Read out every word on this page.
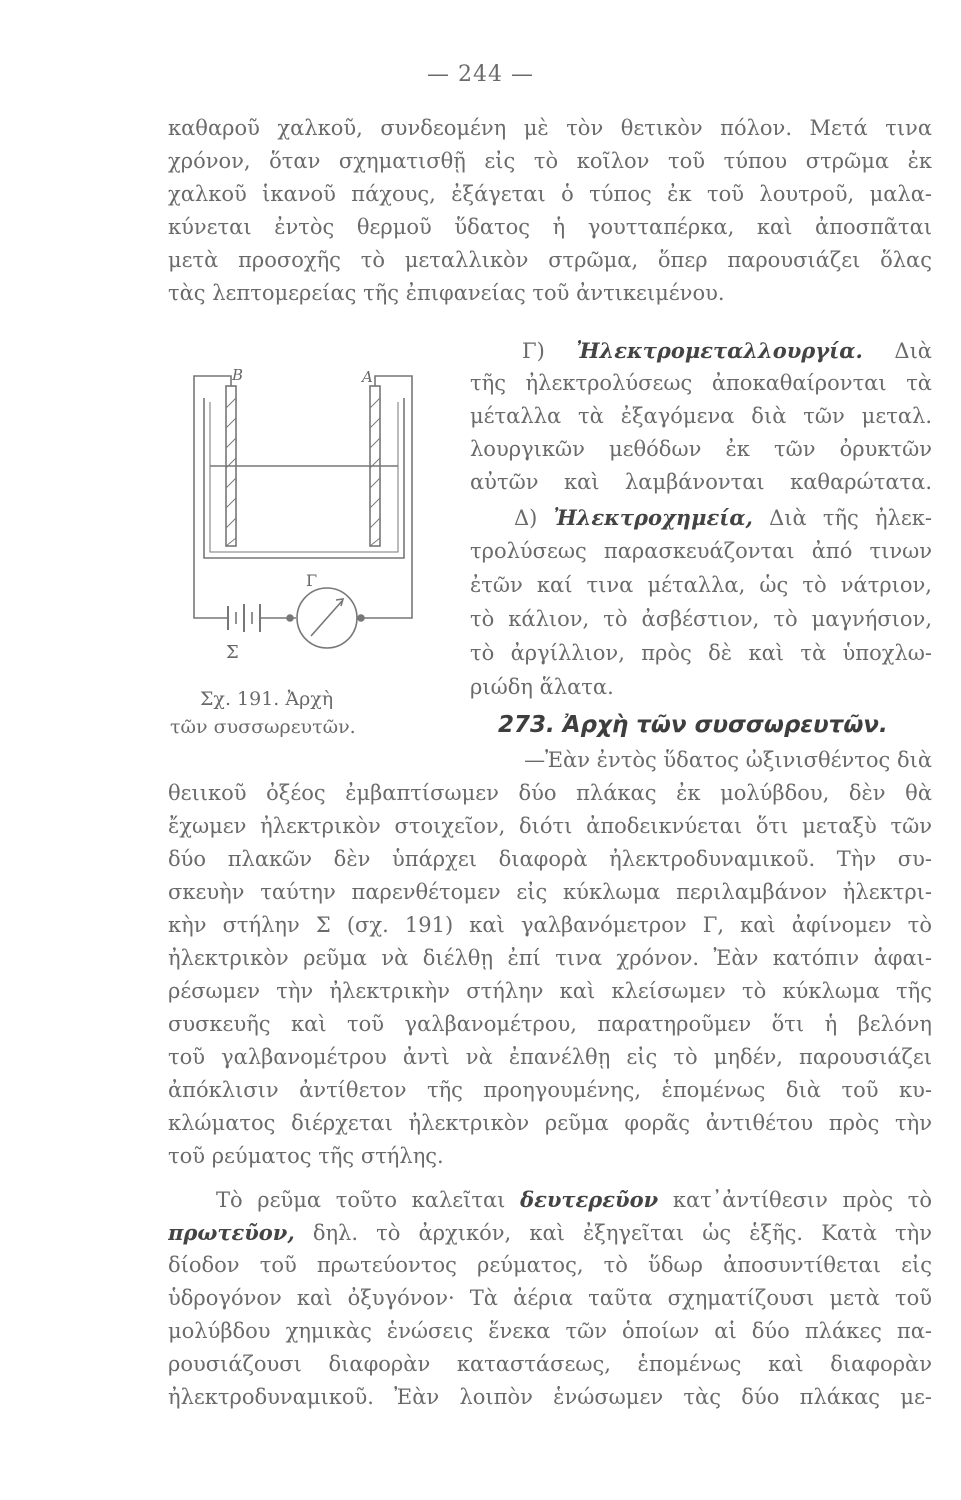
— 244 —
καθαροῦ χαλκοῦ, συνδεομένη μὲ τὸν θετικὸν πόλον. Μετά τινα
χρόνον, ὅταν σχηματισθῇ εἰς τὸ κοῖλον τοῦ τύπου στρῶμα ἐκ
χαλκοῦ ἱκανοῦ πάχους, ἐξάγεται ὁ τύπος ἐκ τοῦ λουτροῦ, μαλα-
κύνεται ἐντὸς θερμοῦ ὕδατος ἡ γουτταπέρκα, καὶ ἀποσπᾶται
μετὰ προσοχῆς τὸ μεταλλικὸν στρῶμα, ὅπερ παρουσιάζει ὅλας
τὰς λεπτομερείας τῆς ἐπιφανείας τοῦ ἀντικειμένου.
Γ) Ἠλεκτρομεταλλουργία. Διὰ
τῆς ἠλεκτρολύσεως ἀποκαθαίρονται τὰ
μέταλλα τὰ ἐξαγόμενα διὰ τῶν μεταλ.
λουργικῶν μεθόδων ἐκ τῶν ὀρυκτῶν
αὐτῶν καὶ λαμβάνονται καθαρώτατα.
Δ) Ἠλεκτροχημεία, Διὰ τῆς ἠλεκ-
τρολύσεως παρασκευάζονται ἀπό τινων
ἐτῶν καί τινα μέταλλα, ὡς τὸ νάτριον,
τὸ κάλιον, τὸ ἀσβέστιον, τὸ μαγνήσιον,
τὸ ἀργίλλιον, πρὸς δὲ καὶ τὰ ὑποχλω-
ριώδη ἅλατα.
B	A
Γ
Σ
Σχ. 191. Ἀρχὴ
τῶν συσσωρευτῶν.	273. Ἀρχὴ τῶν συσσωρευτῶν.
—Ἐὰν ἐντὸς ὕδατος ὠξινισθέντος διὰ
θειικοῦ ὀξέος ἐμβαπτίσωμεν δύο πλάκας ἐκ μολύβδου, δὲν θὰ
ἔχωμεν ἠλεκτρικὸν στοιχεῖον, διότι ἀποδεικνύεται ὅτι μεταξὺ τῶν
δύο πλακῶν δὲν ὑπάρχει διαφορὰ ἠλεκτροδυναμικοῦ. Τὴν συ-
σκευὴν ταύτην παρενθέτομεν εἰς κύκλωμα περιλαμβάνον ἠλεκτρι-
κὴν στήλην Σ (σχ. 191) καὶ γαλβανόμετρον Γ, καὶ ἀφίνομεν τὸ
ἠλεκτρικὸν ρεῦμα νὰ διέλθῃ ἐπί τινα χρόνον. Ἐὰν κατόπιν ἀφαι-
ρέσωμεν τὴν ἠλεκτρικὴν στήλην καὶ κλείσωμεν τὸ κύκλωμα τῆς
συσκευῆς καὶ τοῦ γαλβανομέτρου, παρατηροῦμεν ὅτι ἡ βελόνη
τοῦ γαλβανομέτρου ἀντὶ νὰ ἐπανέλθῃ εἰς τὸ μηδέν, παρουσιάζει
ἀπόκλισιν ἀντίθετον τῆς προηγουμένης, ἑπομένως διὰ τοῦ κυ-
κλώματος διέρχεται ἠλεκτρικὸν ρεῦμα φορᾶς ἀντιθέτου πρὸς τὴν
τοῦ ρεύματος τῆς στήλης.
Τὸ ρεῦμα τοῦτο καλεῖται δευτερεῦον κατ᾽ἀντίθεσιν πρὸς τὸ
πρωτεῦον, δηλ. τὸ ἀρχικόν, καὶ ἐξηγεῖται ὡς ἑξῆς. Κατὰ τὴν
δίοδον τοῦ πρωτεύοντος ρεύματος, τὸ ὕδωρ ἀποσυντίθεται εἰς
ὑδρογόνον καὶ ὀξυγόνον· Τὰ ἀέρια ταῦτα σχηματίζουσι μετὰ τοῦ
μολύβδου χημικὰς ἑνώσεις ἕνεκα τῶν ὁποίων αἱ δύο πλάκες πα-
ρουσιάζουσι διαφορὰν καταστάσεως, ἑπομένως καὶ διαφορὰν
ἠλεκτροδυναμικοῦ. Ἐὰν λοιπὸν ἑνώσωμεν τὰς δύο πλάκας με-
